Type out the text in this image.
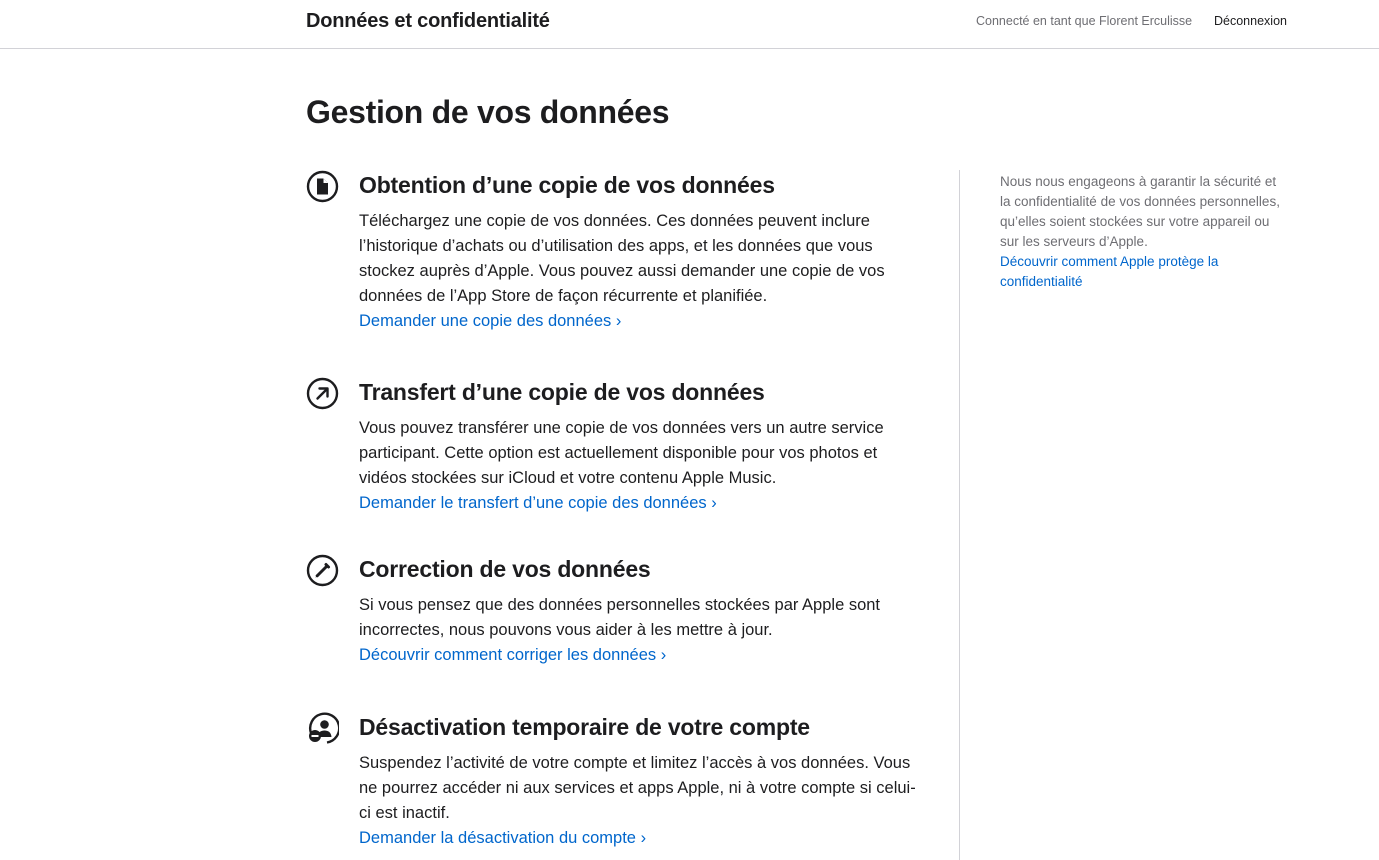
Données et confidentialité	Connecté en tant que Florent Erculisse Déconnexion
Gestion de vos données
Obtention d’une copie de vos données

Téléchargez une copie de vos données. Ces données peuvent inclure l’historique d’achats ou d’utilisation des apps, et les données que vous stockez auprès d’Apple. Vous pouvez aussi demander une copie de vos données de l’App Store de façon récurrente et planifiée.

Demander une copie des données ›
Transfert d’une copie de vos données

Vous pouvez transférer une copie de vos données vers un autre service participant. Cette option est actuellement disponible pour vos photos et vidéos stockées sur iCloud et votre contenu Apple Music.

Demander le transfert d’une copie des données ›
Correction de vos données

Si vous pensez que des données personnelles stockées par Apple sont incorrectes, nous pouvons vous aider à les mettre à jour.

Découvrir comment corriger les données ›
Désactivation temporaire de votre compte

Suspendez l’activité de votre compte et limitez l’accès à vos données. Vous ne pourrez accéder ni aux services et apps Apple, ni à votre compte si celui-ci est inactif.

Demander la désactivation du compte ›
Nous nous engageons à garantir la sécurité et la confidentialité de vos données personnelles, qu’elles soient stockées sur votre appareil ou sur les serveurs d’Apple.
Découvrir comment Apple protège la confidentialité
